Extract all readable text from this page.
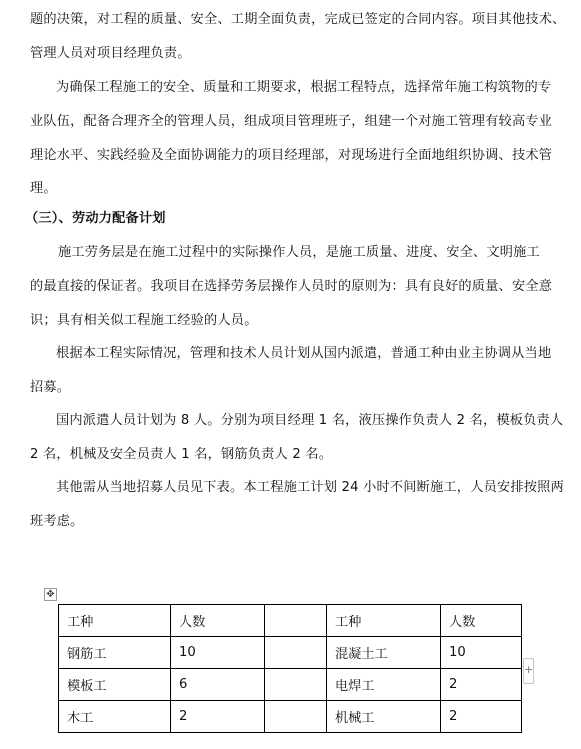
题的决策，对工程的质量、安全、工期全面负责，完成已签定的合同内容。项目其他技术、
管理人员对项目经理负责。
为确保工程施工的安全、质量和工期要求，根据工程特点，选择常年施工构筑物的专
业队伍，配备合理齐全的管理人员，组成项目管理班子，组建一个对施工管理有较高专业
理论水平、实践经验及全面协调能力的项目经理部，对现场进行全面地组织协调、技术管
理。
（三）、劳动力配备计划
施工劳务层是在施工过程中的实际操作人员，是施工质量、进度、安全、文明施工
的最直接的保证者。我项目在选择劳务层操作人员时的原则为：具有良好的质量、安全意
识；具有相关似工程施工经验的人员。
根据本工程实际情况，管理和技术人员计划从国内派遣，普通工种由业主协调从当地
招募。
国内派遣人员计划为 8 人。分别为项目经理 1 名，液压操作负责人 2 名，模板负责人
2 名，机械及安全员责人 1 名，钢筋负责人 2 名。
其他需从当地招募人员见下表。本工程施工计划 24 小时不间断施工，人员安排按照两
班考虑。
✥
工种	人数		工种	人数
钢筋工	10		混凝土工	10
模板工	6		电焊工	2
木工	2		机械工	2
+
